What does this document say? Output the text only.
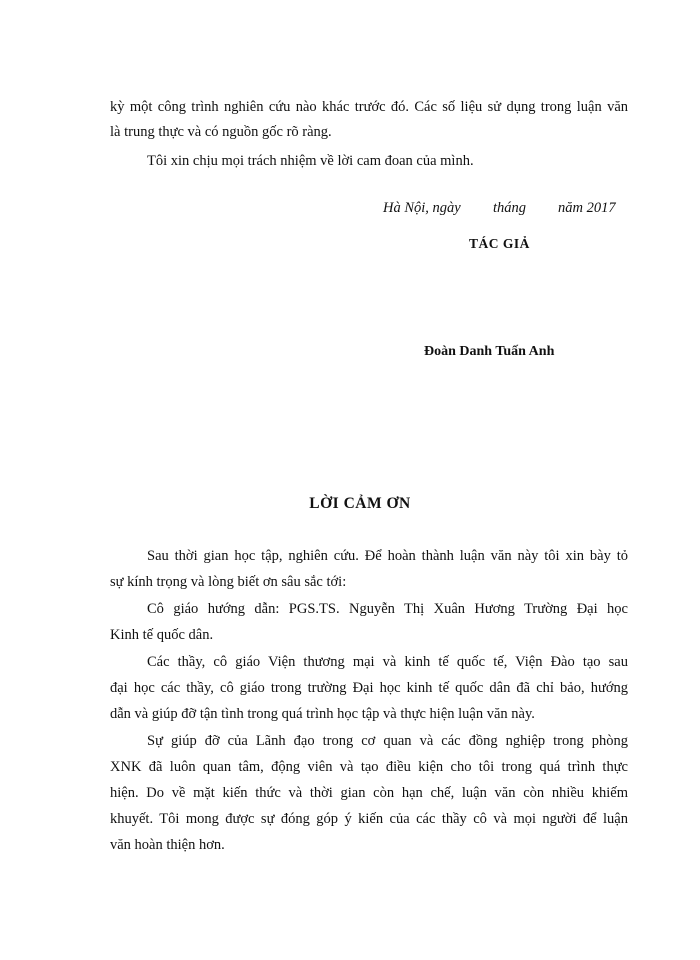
kỳ một công trình nghiên cứu nào khác trước đó. Các số liệu sử dụng trong luận văn
là trung thực và có nguồn gốc rõ ràng.
Tôi xin chịu mọi trách nhiệm về lời cam đoan của mình.
Hà Nội, ngày tháng năm 2017
TÁC GIẢ
Đoàn Danh Tuấn Anh
LỜI CẢM ƠN
Sau thời gian học tập, nghiên cứu. Để hoàn thành luận văn này tôi xin bày tỏ
sự kính trọng và lòng biết ơn sâu sắc tới:
Cô giáo hướng dẫn: PGS.TS. Nguyễn Thị Xuân Hương Trường Đại học
Kinh tế quốc dân.
Các thầy, cô giáo Viện thương mại và kinh tế quốc tế, Viện Đào tạo sau
đại học các thầy, cô giáo trong trường Đại học kinh tế quốc dân đã chỉ bảo, hướng
dẫn và giúp đỡ tận tình trong quá trình học tập và thực hiện luận văn này.
Sự giúp đỡ của Lãnh đạo trong cơ quan và các đồng nghiệp trong phòng
XNK đã luôn quan tâm, động viên và tạo điều kiện cho tôi trong quá trình thực
hiện. Do về mặt kiến thức và thời gian còn hạn chế, luận văn còn nhiều khiếm
khuyết. Tôi mong được sự đóng góp ý kiến của các thầy cô và mọi người để luận
văn hoàn thiện hơn.
